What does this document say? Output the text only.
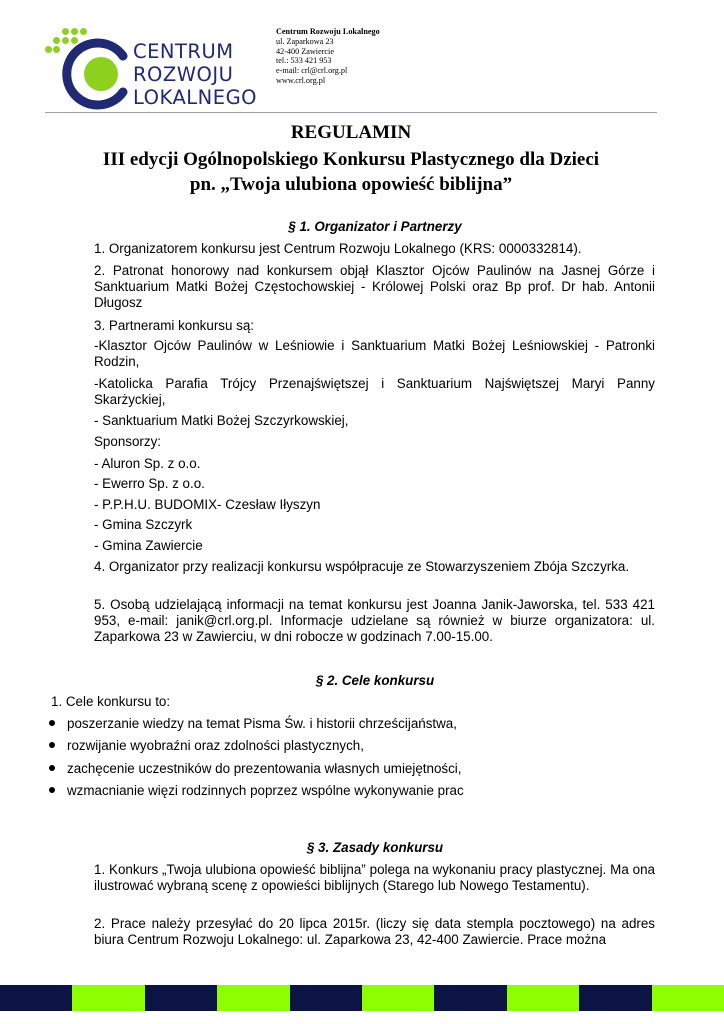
CENTRUM
ROZWOJU
LOKALNEGO
Centrum Rozwoju Lokalnego
ul. Zaparkowa 23
42-400 Zawiercie
tel.: 533 421 953
e-mail: crl@crl.org.pl
www.crl.org.pl
REGULAMIN
III edycji Ogólnopolskiego Konkursu Plastycznego dla Dzieci
pn. „Twoja ulubiona opowieść biblijna”
§ 1. Organizator i Partnerzy
1. Organizatorem konkursu jest Centrum Rozwoju Lokalnego (KRS: 0000332814).
2. Patronat honorowy nad konkursem objął Klasztor Ojców Paulinów na Jasnej Górze i Sanktuarium Matki Bożej Częstochowskiej - Królowej Polski oraz Bp prof. Dr hab. Antonii Długosz
3. Partnerami konkursu są:
-Klasztor Ojców Paulinów w Leśniowie i Sanktuarium Matki Bożej Leśniowskiej - Patronki Rodzin,
-Katolicka Parafia Trójcy Przenajświętszej i Sanktuarium Najświętszej Maryi Panny Skarżyckiej,
- Sanktuarium Matki Bożej Szczyrkowskiej,
Sponsorzy:
- Aluron Sp. z o.o.
- Ewerro Sp. z o.o.
- P.P.H.U. BUDOMIX- Czesław Iłyszyn
- Gmina Szczyrk
- Gmina Zawiercie
4. Organizator przy realizacji konkursu współpracuje ze Stowarzyszeniem Zbója Szczyrka.
5. Osobą udzielającą informacji na temat konkursu jest Joanna Janik-Jaworska, tel. 533 421 953, e-mail: janik@crl.org.pl. Informacje udzielane są również w biurze organizatora: ul. Zaparkowa 23 w Zawierciu, w dni robocze w godzinach 7.00-15.00.
§ 2. Cele konkursu
1. Cele konkursu to:
poszerzanie wiedzy na temat Pisma Św. i historii chrześcijaństwa,
rozwijanie wyobraźni oraz zdolności plastycznych,
zachęcenie uczestników do prezentowania własnych umiejętności,
wzmacnianie więzi rodzinnych poprzez wspólne wykonywanie prac
§ 3. Zasady konkursu
1. Konkurs „Twoja ulubiona opowieść biblijna” polega na wykonaniu pracy plastycznej. Ma ona ilustrować wybraną scenę z opowieści biblijnych (Starego lub Nowego Testamentu).
2. Prace należy przesyłać do 20 lipca 2015r. (liczy się data stempla pocztowego) na adres biura Centrum Rozwoju Lokalnego: ul. Zaparkowa 23, 42-400 Zawiercie. Prace można
